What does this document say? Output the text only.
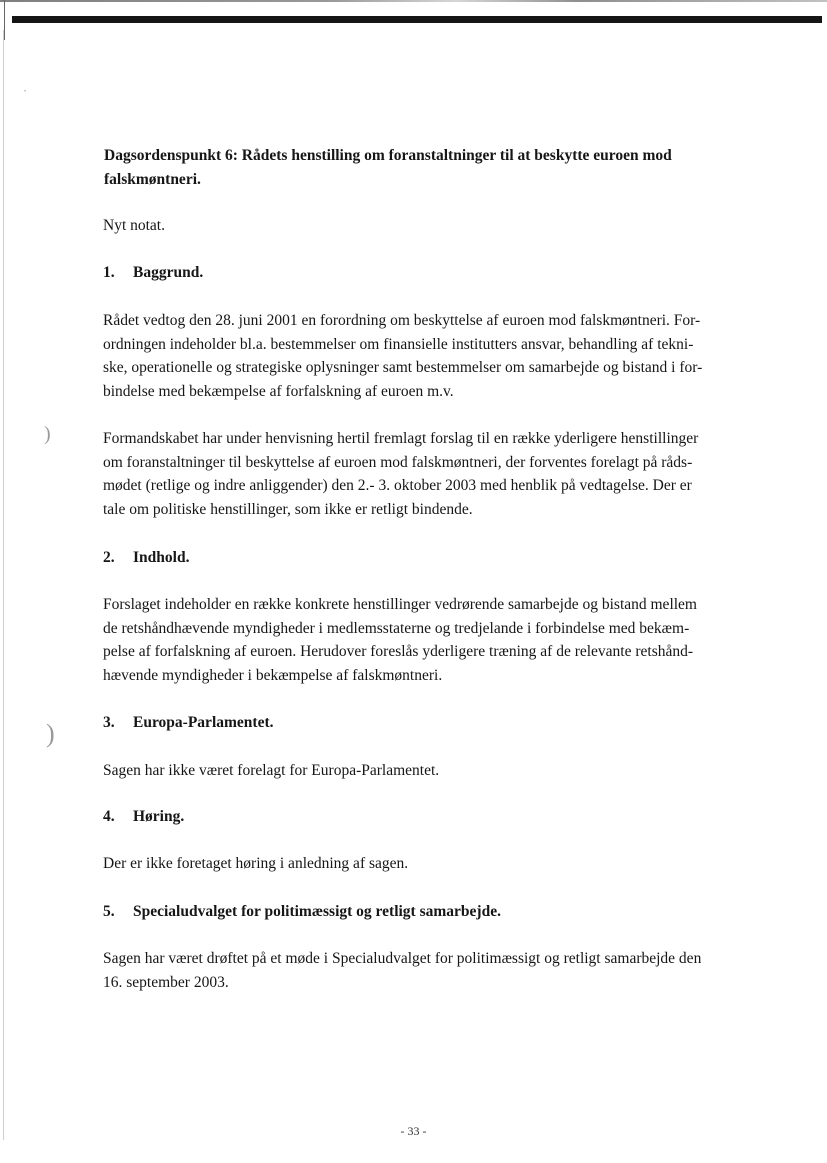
•
)
)
Dagsordenspunkt 6: Rådets henstilling om foranstaltninger til at beskytte euroen mod falskmøntneri.

Nyt notat.

1. Baggrund.

Rådet vedtog den 28. juni 2001 en forordning om beskyttelse af euroen mod falskmøntneri. For-
ordningen indeholder bl.a. bestemmelser om finansielle institutters ansvar, behandling af tekni-
ske, operationelle og strategiske oplysninger samt bestemmelser om samarbejde og bistand i for-
bindelse med bekæmpelse af forfalskning af euroen m.v.

Formandskabet har under henvisning hertil fremlagt forslag til en række yderligere henstillinger
om foranstaltninger til beskyttelse af euroen mod falskmøntneri, der forventes forelagt på råds-
mødet (retlige og indre anliggender) den 2.- 3. oktober 2003 med henblik på vedtagelse. Der er
tale om politiske henstillinger, som ikke er retligt bindende.

2. Indhold.

Forslaget indeholder en række konkrete henstillinger vedrørende samarbejde og bistand mellem
de retshåndhævende myndigheder i medlemsstaterne og tredjelande i forbindelse med bekæm-
pelse af forfalskning af euroen. Herudover foreslås yderligere træning af de relevante retshånd-
hævende myndigheder i bekæmpelse af falskmøntneri.

3. Europa-Parlamentet.

Sagen har ikke været forelagt for Europa-Parlamentet.

4. Høring.

Der er ikke foretaget høring i anledning af sagen.

5. Specialudvalget for politimæssigt og retligt samarbejde.

Sagen har været drøftet på et møde i Specialudvalget for politimæssigt og retligt samarbejde den
16. september 2003.

- 33 -
